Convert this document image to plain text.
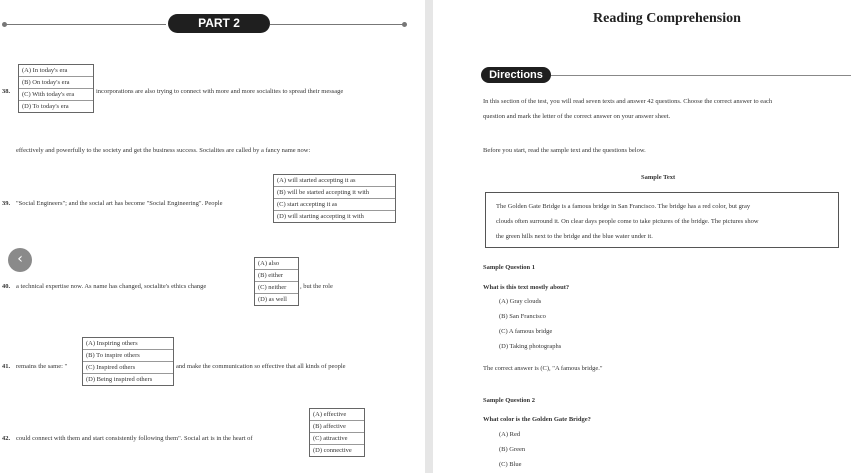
PART 2
38.
(A) In today's era
(B) On today's era
(C) With today's era
(D) To today's era
incorporations are also trying to connect with more and more socialites to spread their message
effectively and powerfully to the society and get the business success. Socialites are called by a fancy name now:
39. "Social Engineers"; and the social art has become "Social Engineering". People
(A) will started accepting it as
(B) will be started accepting it with
(C) start accepting it as
(D) will starting accepting it with
‹
40. a technical expertise now. As name has changed, socialite's ethics change
(A) also
(B) either
(C) neither
(D) as well
, but the role
41. remains the same: "
(A) Inspiring others
(B) To inspire others
(C) Inspired others
(D) Being inspired others
and make the communication so effective that all kinds of people
42. could connect with them and start consistently following them". Social art is in the heart of
(A) effective
(B) affective
(C) attractive
(D) connective
Reading Comprehension
Directions
In this section of the test, you will read seven texts and answer 42 questions. Choose the correct answer to each
question and mark the letter of the correct answer on your answer sheet.
Before you start, read the sample text and the questions below.
Sample Text
The Golden Gate Bridge is a famous bridge in San Francisco. The bridge has a red color, but gray
clouds often surround it. On clear days people come to take pictures of the bridge. The pictures show
the green hills next to the bridge and the blue water under it.
Sample Question 1
What is this text mostly about?
(A) Gray clouds
(B) San Francisco
(C) A famous bridge
(D) Taking photographs
The correct answer is (C), "A famous bridge."
Sample Question 2
What color is the Golden Gate Bridge?
(A) Red
(B) Green
(C) Blue
